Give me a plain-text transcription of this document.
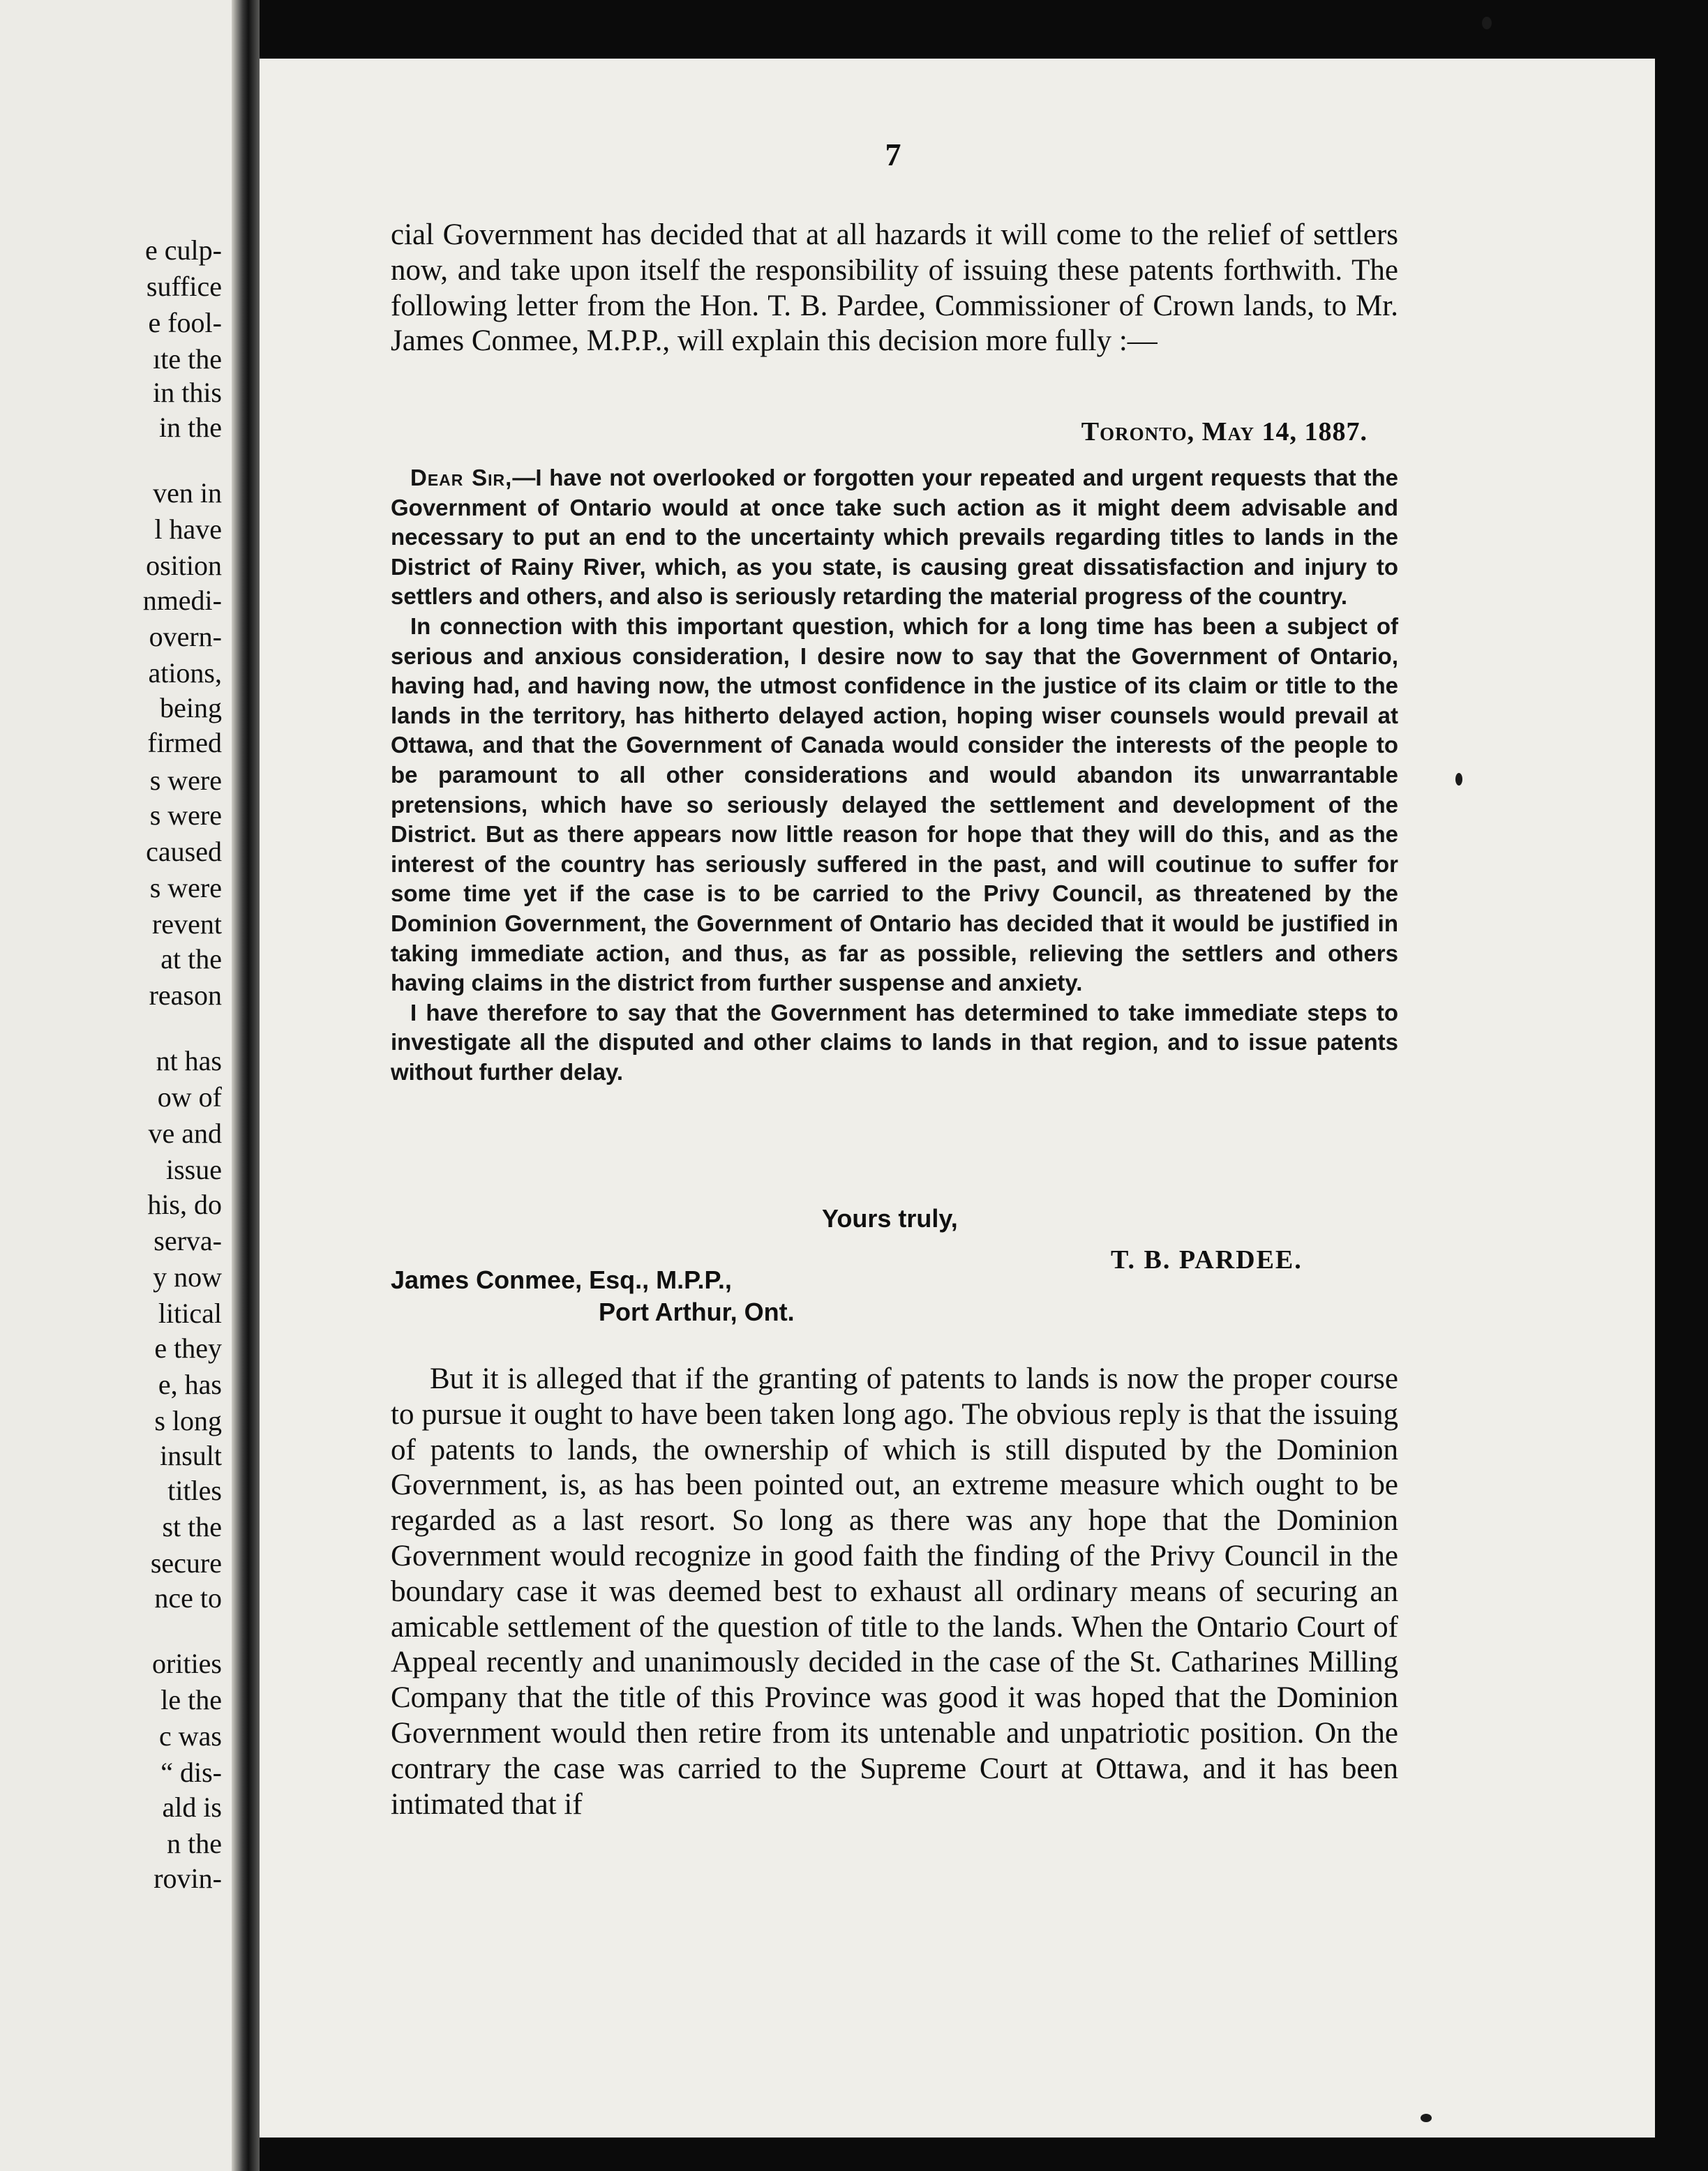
e culp-
suffice
e fool-
ıte the
in this
in the
ven in
l have
osition
nmedi-
overn-
ations,
being
firmed
s were
s were
caused
s were
revent
at the
reason
nt has
ow of
ve and
issue
his, do
serva-
y now
litical
e they
e, has
s long
insult
titles
st the
secure
nce to
orities
le the
c was
“ dis-
ald is
n the
rovin-
7

cial Government has decided that at all hazards it will come to the relief of settlers now, and take upon itself the responsibility of issuing these patents forthwith. The following letter from the Hon. T. B. Pardee, Commissioner of Crown lands, to Mr. James Conmee, M.P.P., will explain this decision more fully :—

Toronto, May 14, 1887.

Dear Sir,—I have not overlooked or forgotten your repeated and urgent requests that the Government of Ontario would at once take such action as it might deem advisable and necessary to put an end to the uncertainty which prevails regarding titles to lands in the District of Rainy River, which, as you state, is causing great dissatisfaction and injury to settlers and others, and also is seriously retarding the material progress of the country.

In connection with this important question, which for a long time has been a subject of serious and anxious consideration, I desire now to say that the Government of Ontario, having had, and having now, the utmost confidence in the justice of its claim or title to the lands in the territory, has hitherto delayed action, hoping wiser counsels would prevail at Ottawa, and that the Government of Canada would consider the interests of the people to be paramount to all other considerations and would abandon its unwarrantable pretensions, which have so seriously delayed the settlement and development of the District. But as there appears now little reason for hope that they will do this, and as the interest of the country has seriously suffered in the past, and will coutinue to suffer for some time yet if the case is to be carried to the Privy Council, as threatened by the Dominion Government, the Government of Ontario has decided that it would be justified in taking immediate action, and thus, as far as possible, relieving the settlers and others having claims in the district from further suspense and anxiety.

I have therefore to say that the Government has determined to take immediate steps to investigate all the disputed and other claims to lands in that region, and to issue patents without further delay.

Yours truly,
T. B. PARDEE.
James Conmee, Esq., M.P.P.,
Port Arthur, Ont.

But it is alleged that if the granting of patents to lands is now the proper course to pursue it ought to have been taken long ago. The obvious reply is that the issuing of patents to lands, the ownership of which is still disputed by the Dominion Government, is, as has been pointed out, an extreme measure which ought to be regarded as a last resort. So long as there was any hope that the Dominion Government would recognize in good faith the finding of the Privy Council in the boundary case it was deemed best to exhaust all ordinary means of securing an amicable settlement of the question of title to the lands. When the Ontario Court of Appeal recently and unanimously decided in the case of the St. Catharines Milling Company that the title of this Province was good it was hoped that the Dominion Government would then retire from its untenable and unpatriotic position. On the contrary the case was carried to the Supreme Court at Ottawa, and it has been intimated that if
